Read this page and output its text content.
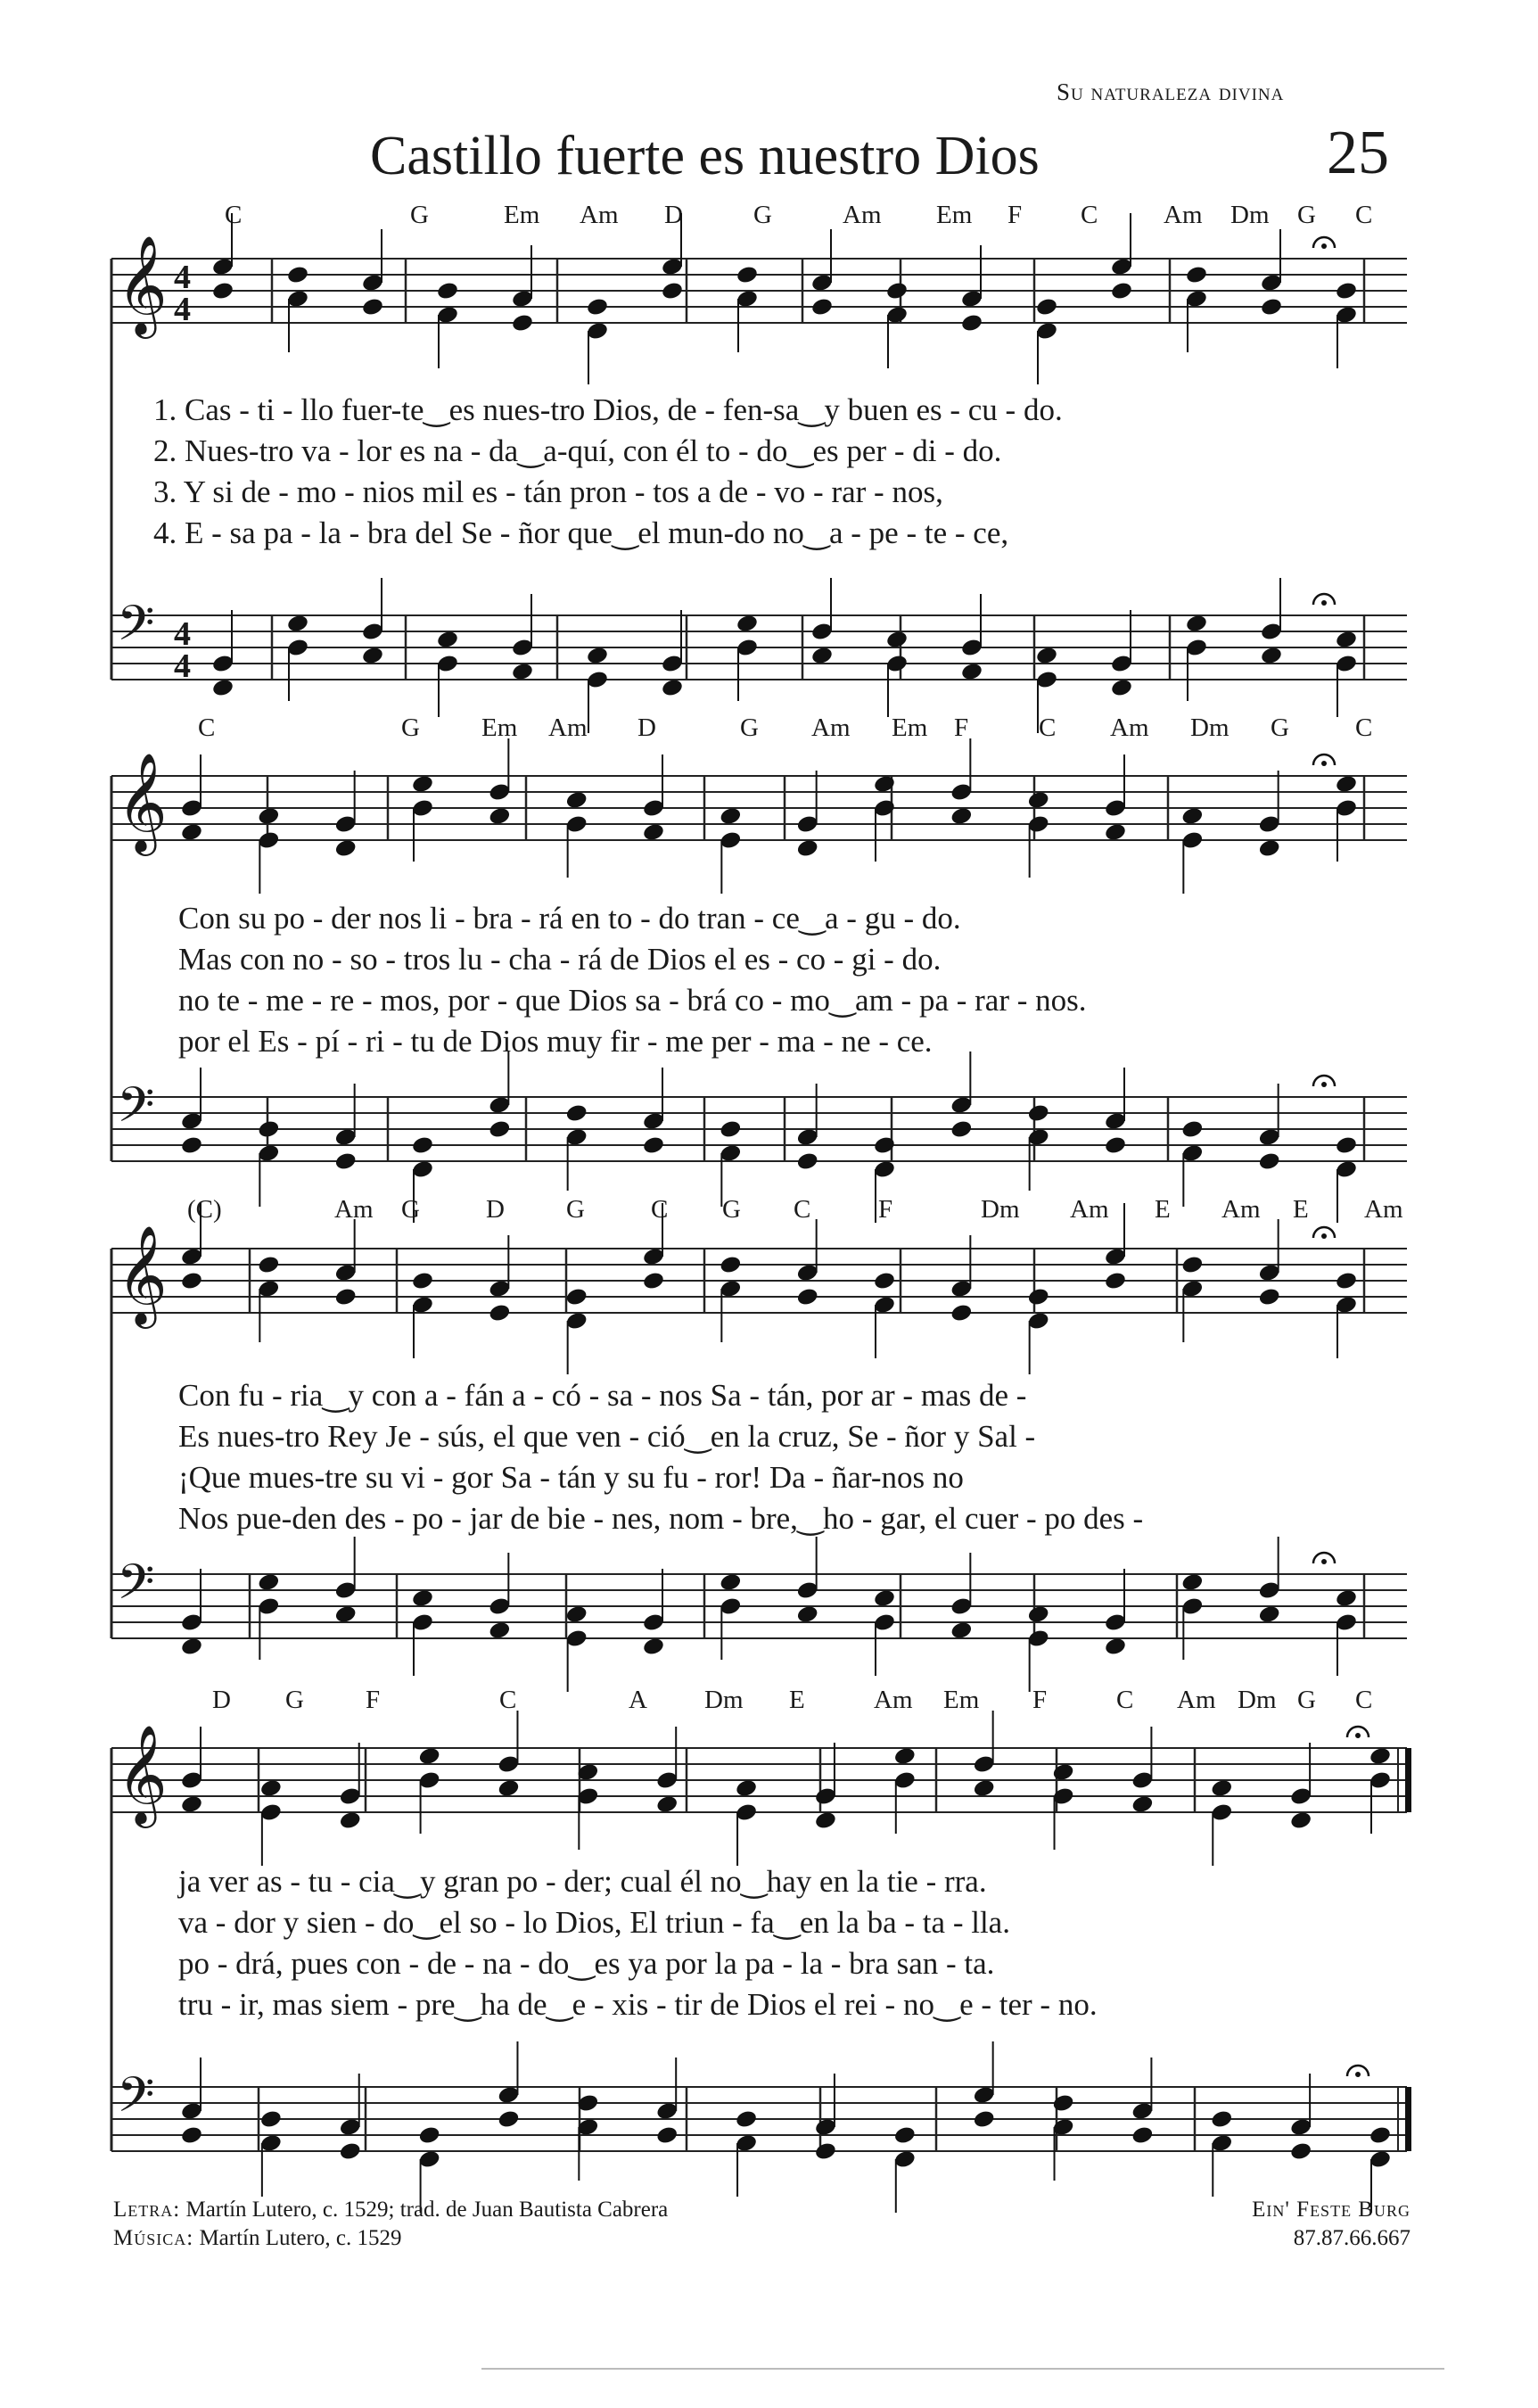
Su naturaleza divina
Castillo fuerte es nuestro Dios	25
C	G	Em Am D	G	Am Em F C	Am Dm G C
1. Cas - ti - llo fuer-te‿es nues-tro Dios, de - fen-sa‿y buen es - cu - do.
2. Nues-tro va - lor es na - da‿a-quí, con él to - do‿es per - di - do.
3. Y si de - mo - nios mil es - tán pron - tos a de - vo - rar - nos,
4. E - sa pa - la - bra del Se - ñor que‿el mun-do no‿a - pe - te - ce,
𝄞 4
4
𝄢 4
4
C	G Em Am D	G Am Em F	C Am Dm G	C
Con su po - der nos li - bra - rá en to - do tran - ce‿a - gu - do.
Mas con no - so - tros lu - cha - rá de Dios el es - co - gi - do.
no te - me - re - mos, por - que Dios sa - brá co - mo‿am - pa - rar - nos.
por el Es - pí - ri - tu de Dios muy fir - me per - ma - ne - ce.
𝄞
𝄢
(C)	Am G	D G	C G C	F	Dm Am E Am E Am
Con fu - ria‿y con a - fán a - có - sa - nos Sa - tán, por ar - mas de -
Es nues-tro Rey Je - sús, el que ven - ció‿en la cruz, Se - ñor y Sal -
¡Que mues-tre su vi - gor Sa - tán y su fu - ror! Da - ñar-nos no
Nos pue-den des - po - jar de bie - nes, nom - bre,‿ho - gar, el cuer - po des -
𝄞
𝄢
D G F	C	A Dm E	Am Em F	C Am Dm G C
ja ver as - tu - cia‿y gran po - der; cual él no‿hay en la tie - rra.
va - dor y sien - do‿el so - lo Dios, El triun - fa‿en la ba - ta - lla.
po - drá, pues con - de - na - do‿es ya por la pa - la - bra san - ta.
tru - ir, mas siem - pre‿ha de‿e - xis - tir de Dios el rei - no‿e - ter - no.
𝄞
𝄢
Letra: Martín Lutero, c. 1529; trad. de Juan Bautista Cabrera
Música: Martín Lutero, c. 1529
Ein' Feste Burg
87.87.66.667
